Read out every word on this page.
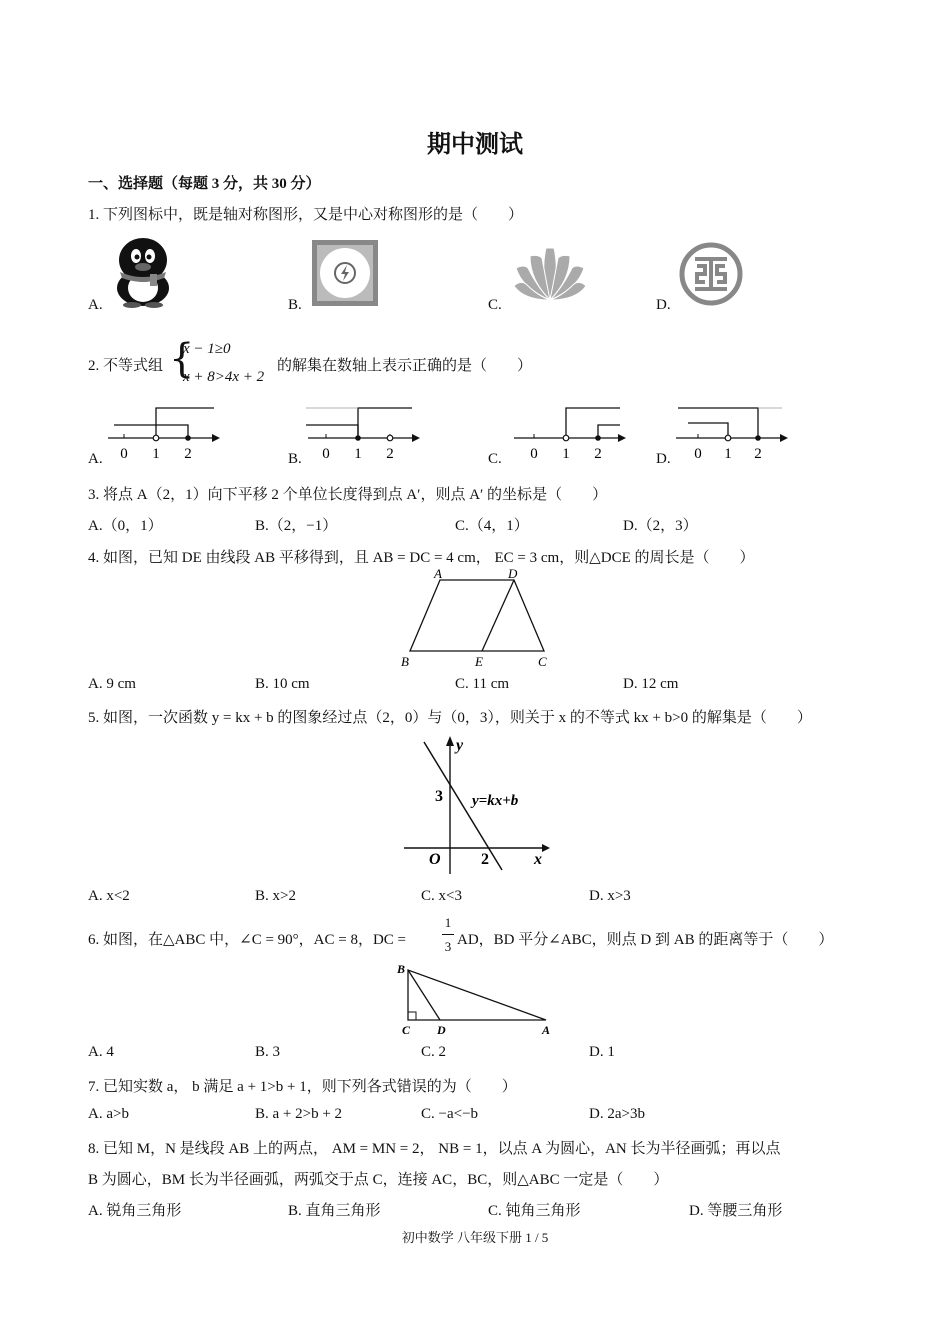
期中测试
一、选择题（每题 3 分，共 30 分）
1. 下列图标中，既是轴对称图形，又是中心对称图形的是（　　）
A.	B.	C.	D.
2. 不等式组 {
x − 1≥0
x + 8>4x + 2
的解集在数轴上表示正确的是（　　）
A. 0 1 2	B. 0 1 2	C. 0 1 2	D. 0 1 2
3. 将点 A（2，1）向下平移 2 个单位长度得到点 A′，则点 A′ 的坐标是（　　）
A.（0，1）	B.（2，−1）	C.（4，1）	D.（2，3）
4. 如图，已知 DE 由线段 AB 平移得到，且 AB = DC = 4 cm， EC = 3 cm，则△DCE 的周长是（　　）
A	D
B	E	C
A. 9 cm	B. 10 cm	C. 11 cm	D. 12 cm
5. 如图，一次函数 y = kx + b 的图象经过点（2，0）与（0，3），则关于 x 的不等式 kx + b>0 的解集是（　　）
y
x
O
3
2
y=kx+b
A. x<2	B. x>2	C. x<3	D. x>3
6. 如图，在△ABC 中，∠C = 90°，AC = 8，DC =
1
3 AD，BD 平分∠ABC，则点 D 到 AB 的距离等于（　　）
B
C D	A
A. 4	B. 3	C. 2	D. 1
7. 已知实数 a， b 满足 a + 1>b + 1，则下列各式错误的为（　　）
A. a>b	B. a + 2>b + 2	C. −a<−b	D. 2a>3b
8. 已知 M，N 是线段 AB 上的两点， AM = MN = 2， NB = 1，以点 A 为圆心，AN 长为半径画弧；再以点
B 为圆心，BM 长为半径画弧，两弧交于点 C，连接 AC，BC，则△ABC 一定是（　　）
A. 锐角三角形	B. 直角三角形	C. 钝角三角形	D. 等腰三角形
初中数学 八年级下册 1 / 5
